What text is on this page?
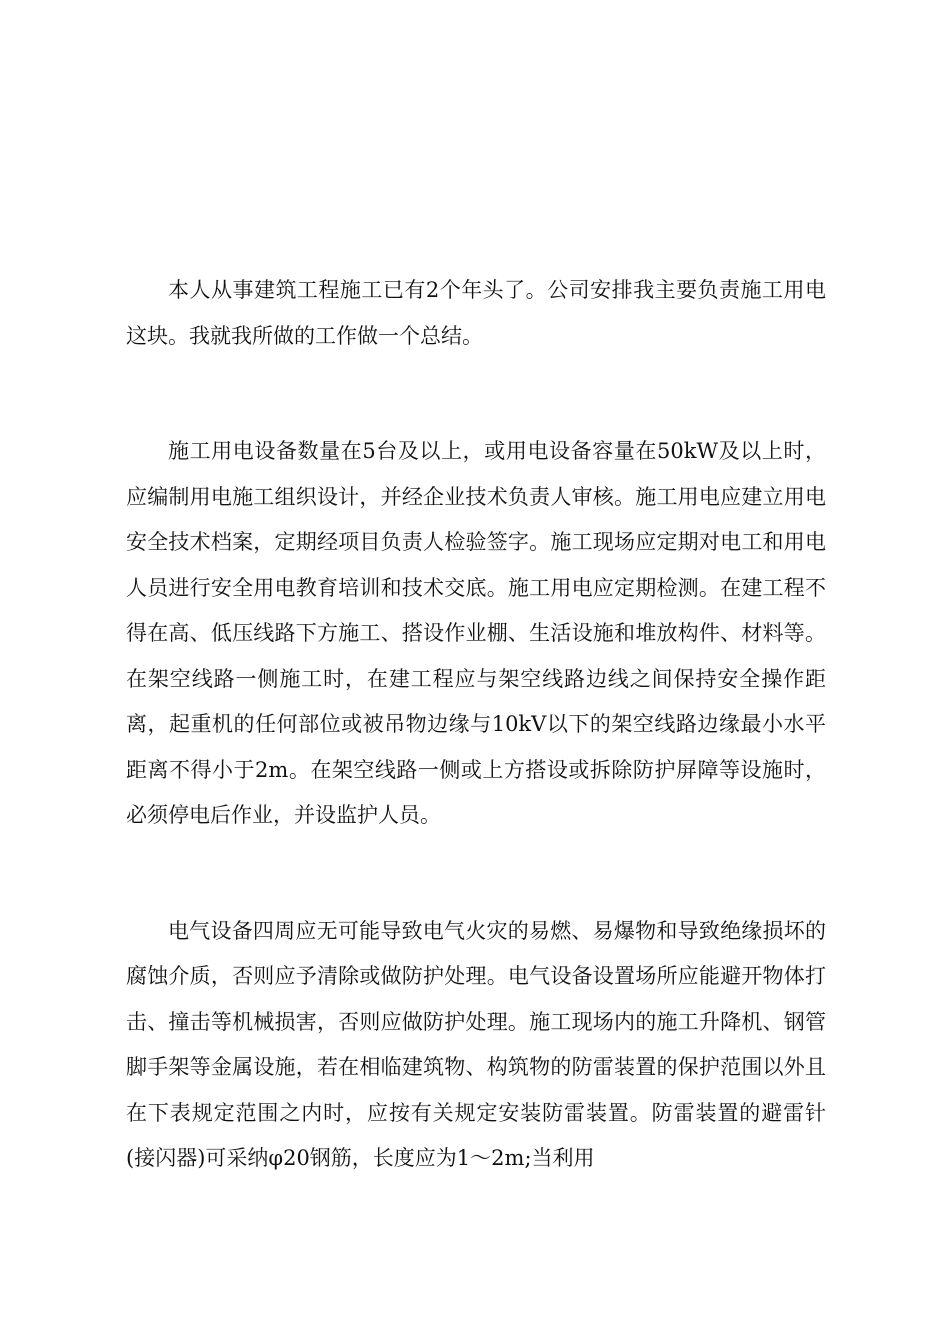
本人从事建筑工程施工已有2个年头了。公司安排我主要负责施工用电这块。我就我所做的工作做一个总结。

施工用电设备数量在5台及以上，或用电设备容量在50kW及以上时，应编制用电施工组织设计，并经企业技术负责人审核。施工用电应建立用电安全技术档案，定期经项目负责人检验签字。施工现场应定期对电工和用电人员进行安全用电教育培训和技术交底。施工用电应定期检测。在建工程不得在高、低压线路下方施工、搭设作业棚、生活设施和堆放构件、材料等。在架空线路一侧施工时，在建工程应与架空线路边线之间保持安全操作距离，起重机的任何部位或被吊物边缘与10kV以下的架空线路边缘最小水平距离不得小于2m。在架空线路一侧或上方搭设或拆除防护屏障等设施时，必须停电后作业，并设监护人员。

电气设备四周应无可能导致电气火灾的易燃、易爆物和导致绝缘损坏的腐蚀介质，否则应予清除或做防护处理。电气设备设置场所应能避开物体打击、撞击等机械损害，否则应做防护处理。施工现场内的施工升降机、钢管脚手架等金属设施，若在相临建筑物、构筑物的防雷装置的保护范围以外且在下表规定范围之内时，应按有关规定安装防雷装置。防雷装置的避雷针(接闪器)可采纳φ20钢筋，长度应为1～2m;当利用
